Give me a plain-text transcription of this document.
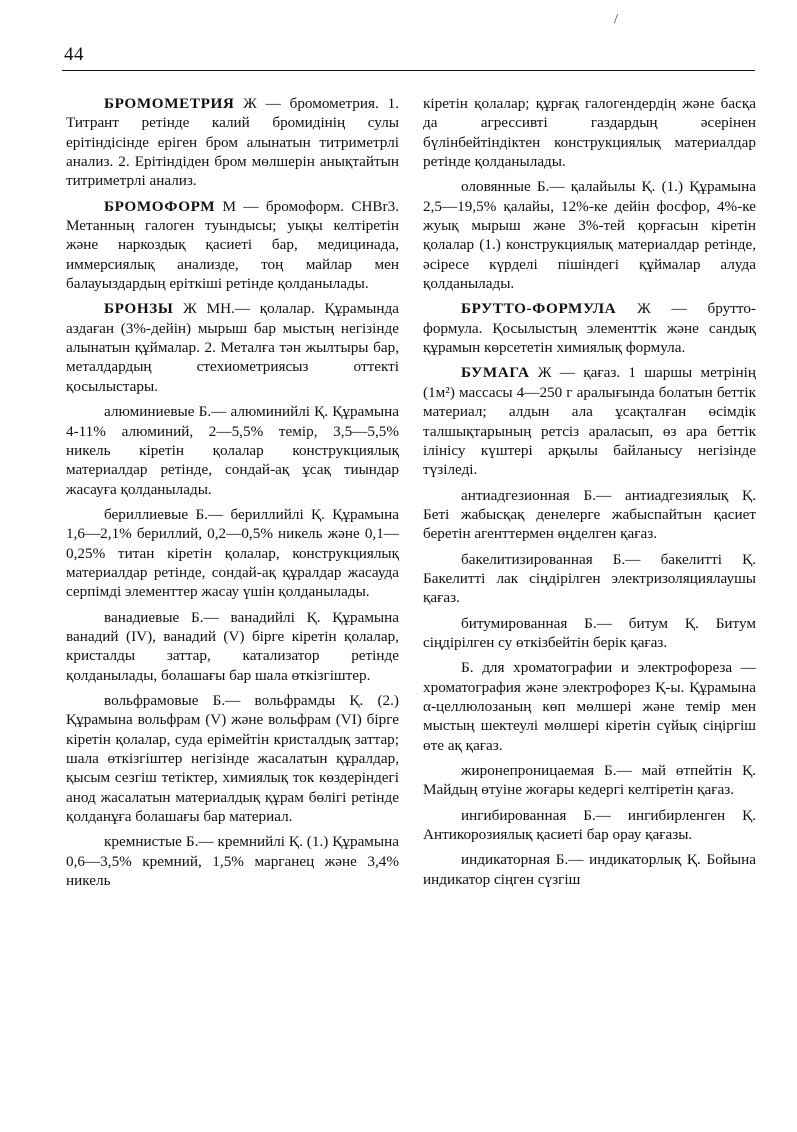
44
/

БРОМОМЕТРИЯ Ж — бромометрия. 1. Титрант ретінде калий бромидінің сулы ерітіндісінде еріген бром алынатын титриметрлі анализ. 2. Ерітіндіден бром мөлшерін анықтайтын титриметрлі анализ.

БРОМОФОРМ М — бромоформ. CHBr3. Метанның галоген туындысы; уықы келтіретін және наркоздық қасиеті бар, медицинада, иммерсиялық анализде, тоң майлар мен балауыздардың еріткіші ретінде қолданылады.

БРОНЗЫ Ж МН.— қолалар. Құрамында аздаған (3%-дейін) мырыш бар мыстың негізінде алынатын құймалар. 2. Металға тән жылтыры бар, металдардың стехиометриясыз оттекті қосылыстары.

алюминиевые Б.— алюминийлі Қ. Құрамына 4-11% алюминий, 2—5,5% темір, 3,5—5,5% никель кіретін қолалар конструкциялық материалдар ретінде, сондай-ақ ұсақ тиындар жасауға қолданылады.

бериллиевые Б.— бериллийлі Қ. Құрамына 1,6—2,1% бериллий, 0,2—0,5% никель және 0,1—0,25% титан кіретін қолалар, конструкциялық материалдар ретінде, сондай-ақ құралдар жасауда серпімді элементтер жасау үшін қолданылады.

ванадиевые Б.— ванадийлі Қ. Құрамына ванадий (IV), ванадий (V) бірге кіретін қолалар, кристалды заттар, катализатор ретінде қолданылады, болашағы бар шала өткізгіштер.

вольфрамовые Б.— вольфрамды Қ. (2.) Құрамына вольфрам (V) және вольфрам (VI) бірге кіретін қолалар, суда ерімейтін кристалдық заттар; шала өткізгіштер негізінде жасалатын құралдар, қысым сезгіш тетіктер, химиялық ток көздеріндегі анод жасалатын материалдық құрам бөлігі ретінде қолданұға болашағы бар материал.

кремнистые Б.— кремнийлі Қ. (1.) Құрамына 0,6—3,5% кремний, 1,5% марганец және 3,4% никель

кіретін қолалар; құрғақ галогендердің және басқа да агрессивті газдардың әсерінен бүлінбейтіндіктен конструкциялық материалдар ретінде қолданылады.

оловянные Б.— қалайылы Қ. (1.) Құрамына 2,5—19,5% қалайы, 12%-ке дейін фосфор, 4%-ке жуық мырыш және 3%-тей қорғасын кіретін қолалар (1.) конструкциялық материалдар ретінде, әсіресе күрделі пішіндегі құймалар алуда қолданылады.

БРУТТО-ФОРМУЛА Ж — брутто-формула. Қосылыстың элементтік және сандық құрамын көрсететін химиялық формула.

БУМАГА Ж — қағаз. 1 шаршы метрінің (1м²) массасы 4—250 г аралығында болатын беттік материал; алдын ала ұсақталған өсімдік талшықтарының ретсіз араласып, өз ара беттік ілінісу күштері арқылы байланысу негізінде түзіледі.

антиадгезионная Б.— антиадгезиялық Қ. Беті жабысқақ денелерге жабыспайтын қасиет беретін агенттермен өңделген қағаз.

бакелитизированная Б.— бакелитті Қ. Бакелитті лак сіңдірілген электризоляциялаушы қағаз.

битумированная Б.— битум Қ. Битум сіңдірілген су өткізбейтін берік қағаз.

Б. для хроматографии и электрофореза — хроматография және электрофорез Қ-ы. Құрамына α-целлюлозаның көп мөлшері және темір мен мыстың шектеулі мөлшері кіретін сүйық сіңіргіш өте ақ қағаз.

жиронепроницаемая Б.— май өтпейтін Қ. Майдың өтуіне жоғары кедергі келтіретін қағаз.

ингибированная Б.— ингибирленген Қ. Антикорозиялық қасиеті бар орау қағазы.

индикаторная Б.— индикаторлық Қ. Бойына индикатор сіңген сүзгіш
